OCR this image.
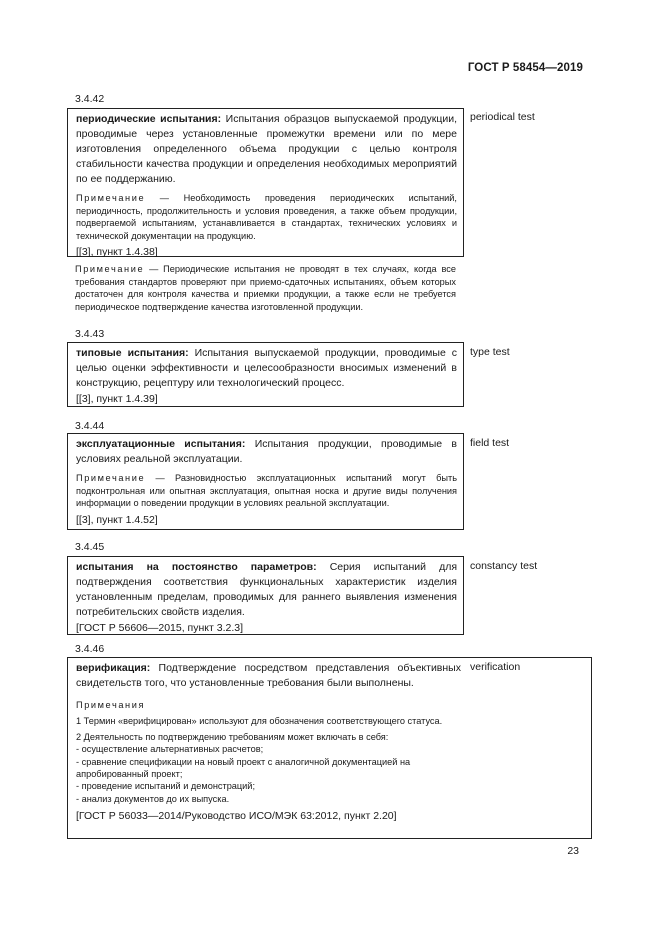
ГОСТ Р 58454—2019
3.4.42

периодические испытания: Испытания образцов выпускаемой продукции, проводимые через установленные промежутки времени или по мере изготовления определенного объема продукции с целью контроля стабильности качества продукции и определения необходимых мероприятий по ее поддержанию.

Примечание — Необходимость проведения периодических испытаний, периодичность, продолжительность и условия проведения, а также объем продукции, подвергаемой испытаниям, устанавливается в стандартах, технических условиях и технической документации на продукцию.

[[3], пункт 1.4.38]

periodical test
Примечание — Периодические испытания не проводят в тех случаях, когда все требования стандартов проверяют при приемо-сдаточных испытаниях, объем которых достаточен для контроля качества и приемки продукции, а также если не требуется периодическое подтверждение качества изготовленной продукции.
3.4.43

типовые испытания: Испытания выпускаемой продукции, проводимые с целью оценки эффективности и целесообразности вносимых изменений в конструкцию, рецептуру или технологический процесс.

[[3], пункт 1.4.39]

type test
3.4.44

эксплуатационные испытания: Испытания продукции, проводимые в условиях реальной эксплуатации.

Примечание — Разновидностью эксплуатационных испытаний могут быть подконтрольная или опытная эксплуатация, опытная носка и другие виды получения информации о поведении продукции в условиях реальной эксплуатации.

[[3], пункт 1.4.52]

field test
3.4.45

испытания на постоянство параметров: Серия испытаний для подтверждения соответствия функциональных характеристик изделия установленным пределам, проводимых для раннего выявления изменения потребительских свойств изделия.

[ГОСТ Р 56606—2015, пункт 3.2.3]

constancy test
3.4.46

верификация: Подтверждение посредством представления объективных свидетельств того, что установленные требования были выполнены.

Примечания

1 Термин «верифицирован» используют для обозначения соответствующего статуса.

2 Деятельность по подтверждению требованиям может включать в себя:

- осуществление альтернативных расчетов;

- сравнение спецификации на новый проект с аналогичной документацией на апробированный проект;

- проведение испытаний и демонстраций;

- анализ документов до их выпуска.

[ГОСТ Р 56033—2014/Руководство ИСО/МЭК 63:2012, пункт 2.20]

verification
23
